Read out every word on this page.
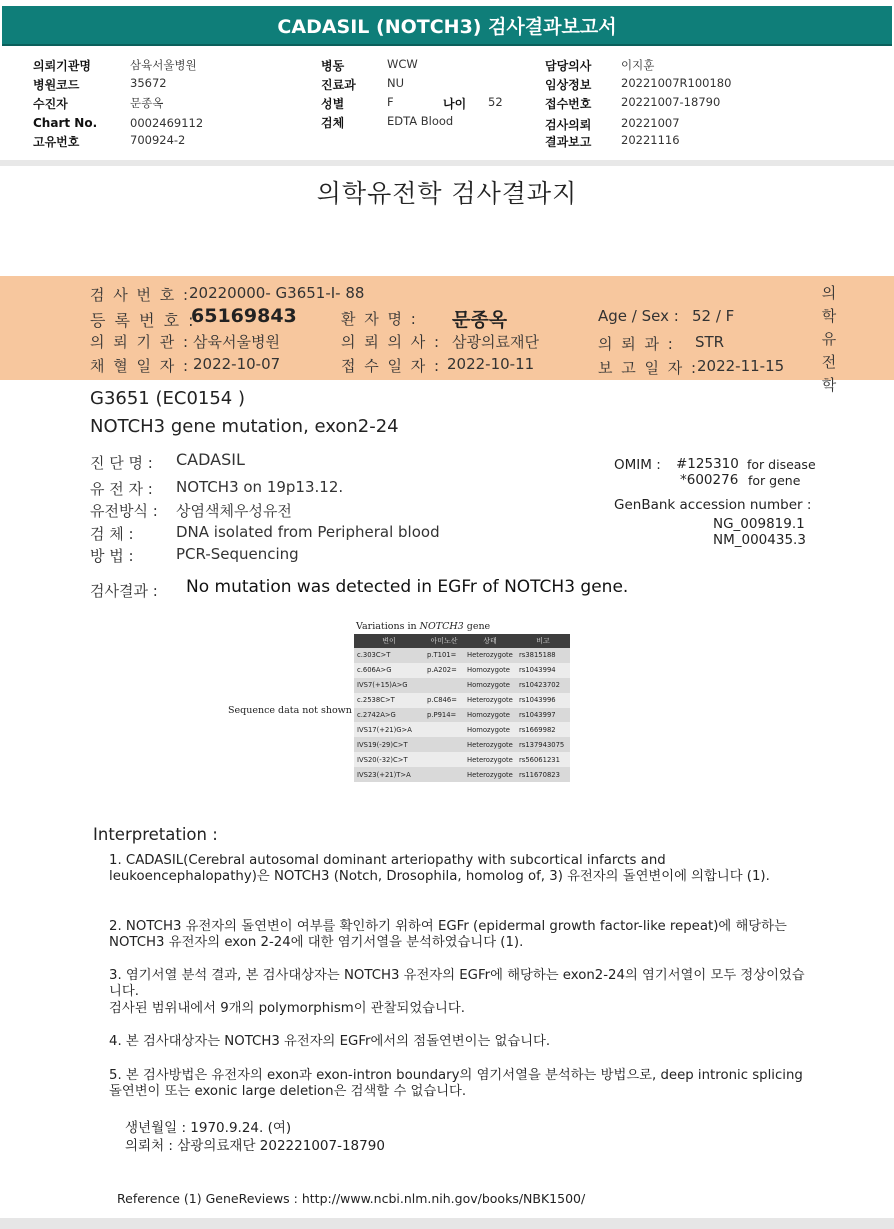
CADASIL (NOTCH3) 검사결과보고서
의뢰기관명	삼육서울병원
병원코드	35672
수진자	문종옥
Chart No.	0002469112
고유번호	700924-2
병동	WCW
진료과	NU
성별	F	나이 52
검체	EDTA Blood
담당의사	이지훈
임상정보	20221007R100180
접수번호	20221007-18790
검사의뢰	20221007
결과보고	20221116
의학유전학 검사결과지
검 사 번 호 :
20220000- G3651-I- 88
등 록 번 호 :
65169843	환 자 명 : 문종옥	Age / Sex : 52 / F
의 뢰 기 관 : 삼육서울병원	의 뢰 의 사 : 삼광의료재단	의 뢰 과 : STR
채 혈 일 자 : 2022-10-07	접 수 일 자 : 2022-10-11	보 고 일 자 :
2022-11-15
의
학
유
전
학
G3651 (EC0154 )
NOTCH3 gene mutation, exon2-24
진 단 명 : CADASIL
유 전 자 : NOTCH3 on 19p13.12.
유전방식 : 상염색체우성유전
검 체 :	DNA isolated from Peripheral blood
방 법 :	PCR-Sequencing
OMIM : #125310 for disease
*600276 for gene
GenBank accession number :
NG_009819.1
NM_000435.3
검사결과 : No mutation was detected in EGFr of NOTCH3 gene.
Variations in NOTCH3 gene
변이	아미노산	상태	비고
c.303C>T	p.T101=	Heterozygote	rs3815188
c.606A>G	p.A202=	Homozygote	rs1043994
IVS7(+15)A>G		Homozygote	rs10423702
c.2538C>T	p.C846=	Heterozygote	rs1043996
c.2742A>G	p.P914=	Homozygote	rs1043997
IVS17(+21)G>A		Homozygote	rs1669982
IVS19(-29)C>T		Heterozygote	rs137943075
IVS20(-32)C>T		Heterozygote	rs56061231
IVS23(+21)T>A		Heterozygote	rs11670823
Sequence data not shown
Interpretation :
1. CADASIL(Cerebral autosomal dominant arteriopathy with subcortical infarcts and leukoencephalopathy)은 NOTCH3 (Notch, Drosophila, homolog of, 3) 유전자의 돌연변이에 의합니다 (1).
2. NOTCH3 유전자의 돌연변이 여부를 확인하기 위하여 EGFr (epidermal growth factor-like repeat)에 해당하는 NOTCH3 유전자의 exon 2-24에 대한 염기서열을 분석하였습니다 (1).
3. 염기서열 분석 결과, 본 검사대상자는 NOTCH3 유전자의 EGFr에 해당하는 exon2-24의 염기서열이 모두 정상이었습니다.
검사된 범위내에서 9개의 polymorphism이 관찰되었습니다.
4. 본 검사대상자는 NOTCH3 유전자의 EGFr에서의 점돌연변이는 없습니다.
5. 본 검사방법은 유전자의 exon과 exon-intron boundary의 염기서열을 분석하는 방법으로, deep intronic splicing 돌연변이 또는 exonic large deletion은 검색할 수 없습니다.
생년월일 : 1970.9.24. (여)
의뢰처 : 삼광의료재단 202221007-18790
Reference (1) GeneReviews : http://www.ncbi.nlm.nih.gov/books/NBK1500/
